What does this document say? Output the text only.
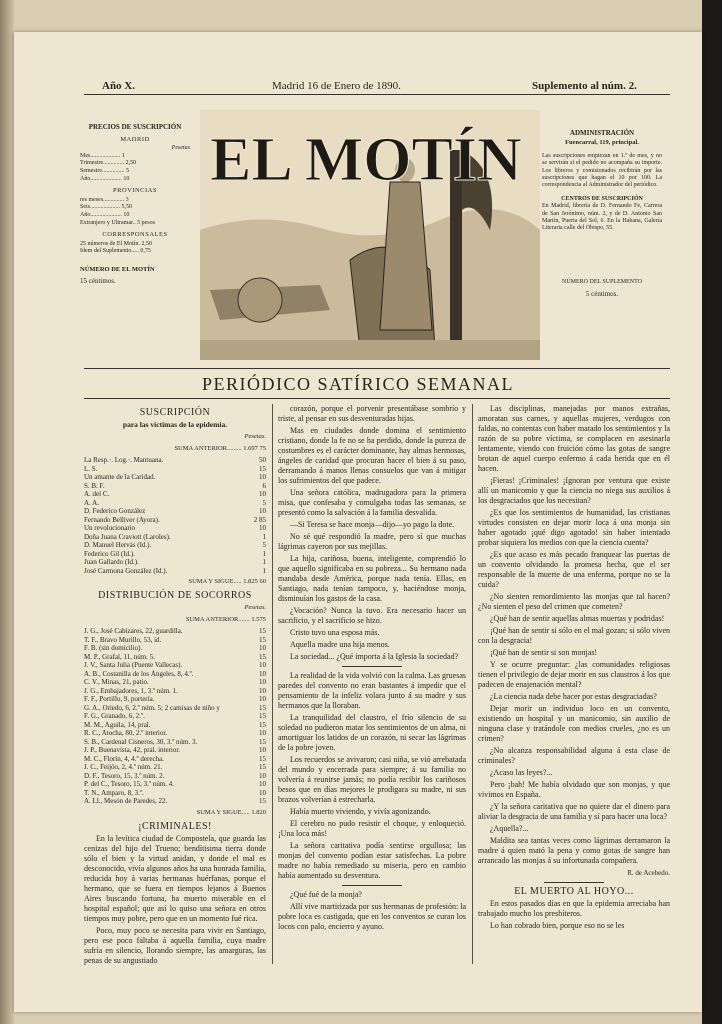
Año X.	Madrid 16 de Enero de 1890.	Suplemento al núm. 2.
PRECIOS DE SUSCRIPCIÓN
MADRID
Pesetas
Mes.................... 1
Trimestre.............. 2,50
Semestre............... 5
Año..................... 10
PROVINCIAS
res meses.............. 3
Seis.................... 5,50
Año..................... 10
Extranjero y Ultramar.. 5 pesos
CORRESPONSALES
25 números de El Motín. 2,50
Idem del Suplemento..... 0,75
NÚMERO DE EL MOTÍN
15 céntimos.
EL MOTÍN	ADMINISTRACIÓN
Fuencarral, 119, principal.
Las suscripciones empiezan en 1.º de mes, y no se servirán si el pedido no acompaña su importe. Los libreros y comisionados recibirán por las suscripciones que hagan el 10 por 100. La correspondencia al Administrador del periódico.
CENTROS DE SUSCRIPCIÓN
En Madrid, librería de D. Fernando Fe, Carrera de San Jerónimo, núm. 2, y de D. Antonio San Martín, Puerta del Sol, 6. En la Habana, Galería Literaria calle del Obispo, 55.
NÚMERO DEL SUPLEMENTO
5 céntimos.
PERIÓDICO SATÍRICO SEMANAL
SUSCRIPCIÓN
para las víctimas de la epidemia.
Pesetas.
SUMA ANTERIOR......... 1.697 75
La Resp.·. Log.·. Mantuana.	50
L. S.	15
Un amante de la Caridad.	10
S. B. F.	6
A. del C.	10
A. A.	5
D. Federico González	10
Fernando Belliver (Ayora).	2 85
Un revolucionario	10
Doña Juana Craviott (Laroles).	1
D. Manuel Hervás (Id.).	5
Federico Gil (Id.).	1
Juan Gallardo (Id.).	1
José Carmona González (Id.).	1
SUMA Y SIGUE..... 1.825 60
DISTRIBUCIÓN DE SOCORROS
Pesetas.
SUMA ANTERIOR....... 1.575
J. G., José Cabizares, 22, guardilla.	15
T. F., Bravo Murillo, 53, íd.	15
F. B. (sin domicilio).	10
M. P., Grafal, 11, núm. 5.	15
J. V., Santa Julia (Puente Vallecas).	10
A. B., Costanilla de los Ángeles, 8, 4.º.	10
C. V., Minas, 21, patio.	10
J. G., Embajadores, 1, 3.º núm. 1.	10
F. F., Portillo, 9, portería.	10
G. A., Oriedo, 6, 2.º núm. 5; 2 camisas de niño y	15
F. G., Granado, 6, 2.º.	15
M. M., Aguila, 14, pral.	15
R. C., Atocha, 80, 2.º interior.	10
S. B., Cardenal Cisneros, 30, 3.º núm. 3.	15
J. P., Buenavista, 42, pral. interior.	10
M. C., Florín, 4, 4.º derecha.	15
J. C., Feijóo, 2, 4.º núm. 21.	15
D. F., Tesoro, 15, 3.º núm. 2.	10
P. del C., Tesoro, 15, 3.º núm. 4.	10
T. N., Amparo, 8, 3.º.	10
A. Ll., Mesón de Paredes, 22.	15
SUMA Y SIGUE..... 1.820
¡CRIMINALES!

En la levítica ciudad de Compostela, que guarda las cenizas del hijo del Trueno; bendítisima tierra donde sólo el bien y la virtud anidan, y donde el mal es desconocido, vivía algunos años ha una honrada familia, reducida hoy á varias hermanas huérfanas, porque el hermano, que se fuera en tiempos lejanos á Buenos Aires buscando fortuna, ha muerto miserable en el hospital español; que así lo quiso una señora en otros tiempos muy pobre, pero que en un momento fué rica.

Poco, muy poco se necesita para vivir en Santiago, pero ese poco faltaba á aquella familia, cuya madre sufría en silencio, llorando siempre, las amarguras, las penas de su angustiado

corazón, porque el porvenir presentábase sombrío y triste, al pensar en sus desventuradas hijas.

Mas en ciudades donde domina el sentimiento cristiano, donde la fe no se ha perdido, donde la pureza de costumbres es el carácter dominante, hay almas hermosas, ángeles de caridad que procuran hacer el bien á su paso, derramando á manos llenas consuelos que van á mitigar los sufrimientos del que padece.

Una señora católica, madrugadora para la primera misa, que confesaba y comulgaba todas las semanas, se presentó como la salvación á la familia desvalida.

—Si Teresa se hace monja—dijo—yo pago la dote.

No sé qué respondió la madre, pero sí que muchas lágrimas cayeron por sus mejillas.

La hija, cariñosa, buena, inteligente, comprendió lo que aquello significaba en su pobreza... Su hermano nada mandaba desde América, porque nada tenía. Ellas, en Santiago, nada tenían tampoco, y, haciéndose monja, disminuían los gastos de la casa.

¿Vocación? Nunca la tuvo. Era necesario hacer un sacrificio, y el sacrificio se hizo.

Cristo tuvo una esposa más.

Aquella madre una hija menos.

La sociedad... ¿Qué importa á la Iglesia la sociedad?

La realidad de la vida volvió con la calma. Las gruesas paredes del convento no eran bastantes á impedir que el pensamiento de la infeliz volara junto á su madre y sus hermanos que la lloraban.

La tranquilidad del claustro, el frío silencio de su soledad no pudieron matar los sentimientos de un alma, ni amortiguar los latidos de un corazón, ni secar las lágrimas de la pobre joven.

Los recuerdos se avivaron; casi niña, se vió arrebatada del mundo y encerrada para siempre; á su familia no volvería á reunirse jamás; no podía recibir los cariñosos besos que en días mejores le prodigara su madre, ni sus brazos volverían á estrecharla.

Había muerto viviendo, y vivía agonizando.

El cerebro no pudo resistir el choque, y enloqueció. ¡Una loca más!

La señora caritativa podía sentirse orgullosa; las monjas del convento podían estar satisfechas. La pobre madre no había remediado su miseria, pero en cambio había aumentado su desventura.

¿Qué fué de la monja?

Allí vive martirizada por sus hermanas de profesión: la pobre loca es castigada, que en los conventos se curan los locos con palo, encierro y ayuno.

Las disciplinas, manejadas por manos extrañas, amoratan sus carnes, y aquellas mujeres, verdugos con faldas, no contentas con haber matado los sentimientos y la razón de su pobre víctima, se complacen en asesinarla lentamente, viendo con fruición cómo las gotas de sangre brotan de aquel cuerpo enfermo á cada herida que en él hacen.

¡Fieras! ¡Criminales! ¡Ignoran por ventura que existe allí un manicomio y que la ciencia no niega sus auxilios á los desgraciados que los necesitan?

¿Es que los sentimientos de humanidad, las cristianas virtudes consisten en dejar morir loca á una monja sin haber agotado ¡qué digo agotado! sin haber intentado probar siquiera los medios con que la ciencia cuenta?

¿Es que acaso es más pecado franquear las puertas de un convento olvidando la promesa hecha, que el ser responsable de la muerte de una enferma, porque no se la cuida?

¿No sienten remordimiento las monjas que tal hacen? ¿No sienten el peso del crimen que cometen?

¿Qué han de sentir aquellas almas muertas y podridas!

¡Qué han de sentir si sólo en el mal gozan; si sólo viven con la desgracia!

¡Qué han de sentir si son monjas!

Y se ocurre preguntar: ¿las comunidades religiosas tienen el privilegio de dejar morir en sus claustros á los que padecen de enajenación mental?

¿La ciencia nada debe hacer por estas desgraciadas?

Dejar morir un individuo loco en un convento, existiendo un hospital y un manicomio, sin auxilio de ninguna clase y tratándole con medios crueles, ¿no es un crimen?

¿No alcanza responsabilidad alguna á esta clase de criminales?

¿Acaso las leyes?...

Pero ¡bah! Me había olvidado que son monjas, y que vivimos en España.

¿Y la señora caritativa que no quiere dar el dinero para aliviar la desgracia de una familia y sí para hacer una loca?

¿Aquella?...

Maldita sea tantas veces como lágrimas derramaron la madre á quien mató la pena y como gotas de sangre han arrancado las monjas á su infortunada compañera.

R. de Acebedo.
EL MUERTO AL HOYO...

En estos pasados días en que la epidemia arreciaba han trabajado mucho los presbíteros.

Lo han cobrado bien, porque eso no se les
